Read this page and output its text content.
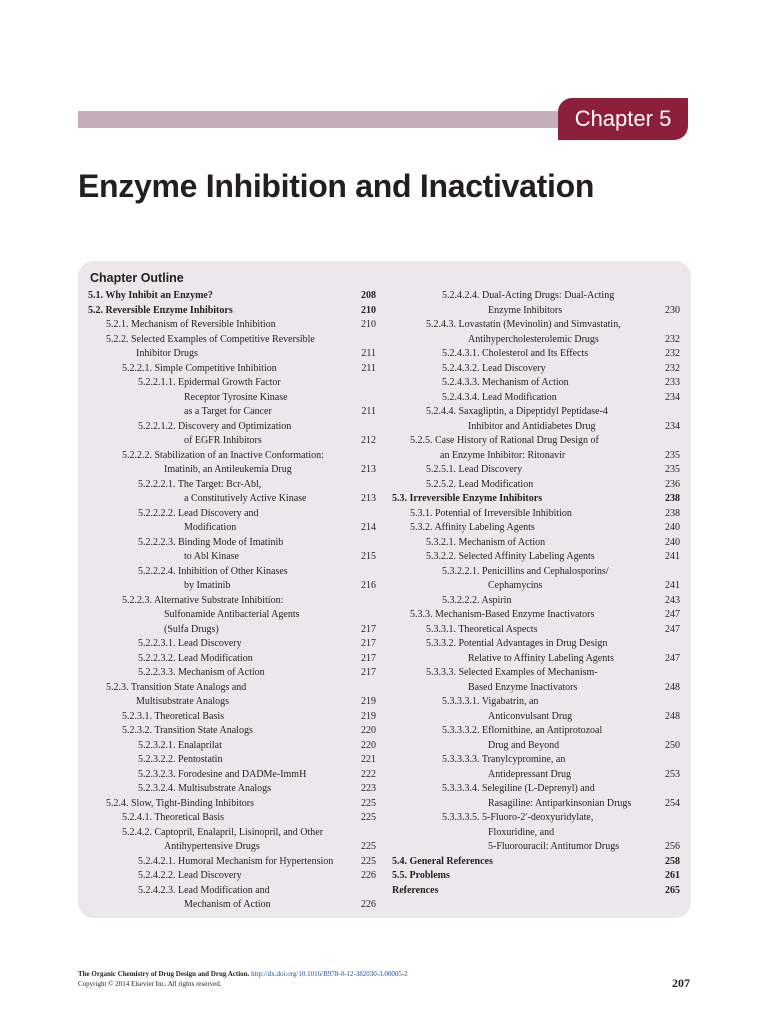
Chapter 5
Enzyme Inhibition and Inactivation
Chapter Outline
5.1. Why Inhibit an Enzyme?	208
5.2. Reversible Enzyme Inhibitors	210
5.2.1. Mechanism of Reversible Inhibition	210
5.2.2. Selected Examples of Competitive Reversible
Inhibitor Drugs	211
5.2.2.1. Simple Competitive Inhibition	211
5.2.2.1.1. Epidermal Growth Factor
Receptor Tyrosine Kinase
as a Target for Cancer	211
5.2.2.1.2. Discovery and Optimization
of EGFR Inhibitors	212
5.2.2.2. Stabilization of an Inactive Conformation:
Imatinib, an Antileukemia Drug	213
5.2.2.2.1. The Target: Bcr-Abl,
a Constitutively Active Kinase	213
5.2.2.2.2. Lead Discovery and
Modification	214
5.2.2.2.3. Binding Mode of Imatinib
to Abl Kinase	215
5.2.2.2.4. Inhibition of Other Kinases
by Imatinib	216
5.2.2.3. Alternative Substrate Inhibition:
Sulfonamide Antibacterial Agents
(Sulfa Drugs)	217
5.2.2.3.1. Lead Discovery	217
5.2.2.3.2. Lead Modification	217
5.2.2.3.3. Mechanism of Action	217
5.2.3. Transition State Analogs and
Multisubstrate Analogs	219
5.2.3.1. Theoretical Basis	219
5.2.3.2. Transition State Analogs	220
5.2.3.2.1. Enalaprilat	220
5.2.3.2.2. Pentostatin	221
5.2.3.2.3. Forodesine and DADMe-ImmH	222
5.2.3.2.4. Multisubstrate Analogs	223
5.2.4. Slow, Tight-Binding Inhibitors	225
5.2.4.1. Theoretical Basis	225
5.2.4.2. Captopril, Enalapril, Lisinopril, and Other
Antihypertensive Drugs	225
5.2.4.2.1. Humoral Mechanism for Hypertension	225
5.2.4.2.2. Lead Discovery	226
5.2.4.2.3. Lead Modification and
Mechanism of Action	226
5.2.4.2.4. Dual-Acting Drugs: Dual-Acting
Enzyme Inhibitors	230
5.2.4.3. Lovastatin (Mevinolin) and Simvastatin,
Antihypercholesterolemic Drugs	232
5.2.4.3.1. Cholesterol and Its Effects	232
5.2.4.3.2. Lead Discovery	232
5.2.4.3.3. Mechanism of Action	233
5.2.4.3.4. Lead Modification	234
5.2.4.4. Saxagliptin, a Dipeptidyl Peptidase-4
Inhibitor and Antidiabetes Drug	234
5.2.5. Case History of Rational Drug Design of
an Enzyme Inhibitor: Ritonavir	235
5.2.5.1. Lead Discovery	235
5.2.5.2. Lead Modification	236
5.3. Irreversible Enzyme Inhibitors	238
5.3.1. Potential of Irreversible Inhibition	238
5.3.2. Affinity Labeling Agents	240
5.3.2.1. Mechanism of Action	240
5.3.2.2. Selected Affinity Labeling Agents	241
5.3.2.2.1. Penicillins and Cephalosporins/
Cephamycins	241
5.3.2.2.2. Aspirin	243
5.3.3. Mechanism-Based Enzyme Inactivators	247
5.3.3.1. Theoretical Aspects	247
5.3.3.2. Potential Advantages in Drug Design
Relative to Affinity Labeling Agents	247
5.3.3.3. Selected Examples of Mechanism-
Based Enzyme Inactivators	248
5.3.3.3.1. Vigabatrin, an
Anticonvulsant Drug	248
5.3.3.3.2. Eflornithine, an Antiprotozoal
Drug and Beyond	250
5.3.3.3.3. Tranylcypromine, an
Antidepressant Drug	253
5.3.3.3.4. Selegiline (L-Deprenyl) and
Rasagiline: Antiparkinsonian Drugs	254
5.3.3.3.5. 5-Fluoro-2′-deoxyuridylate,
Floxuridine, and
5-Fluorouracil: Antitumor Drugs	256
5.4. General References	258
5.5. Problems	261
References	265
The Organic Chemistry of Drug Design and Drug Action. http://dx.doi.org/10.1016/B978-0-12-382030-3.00005-2
Copyright © 2014 Elsevier Inc. All rights reserved.	207
